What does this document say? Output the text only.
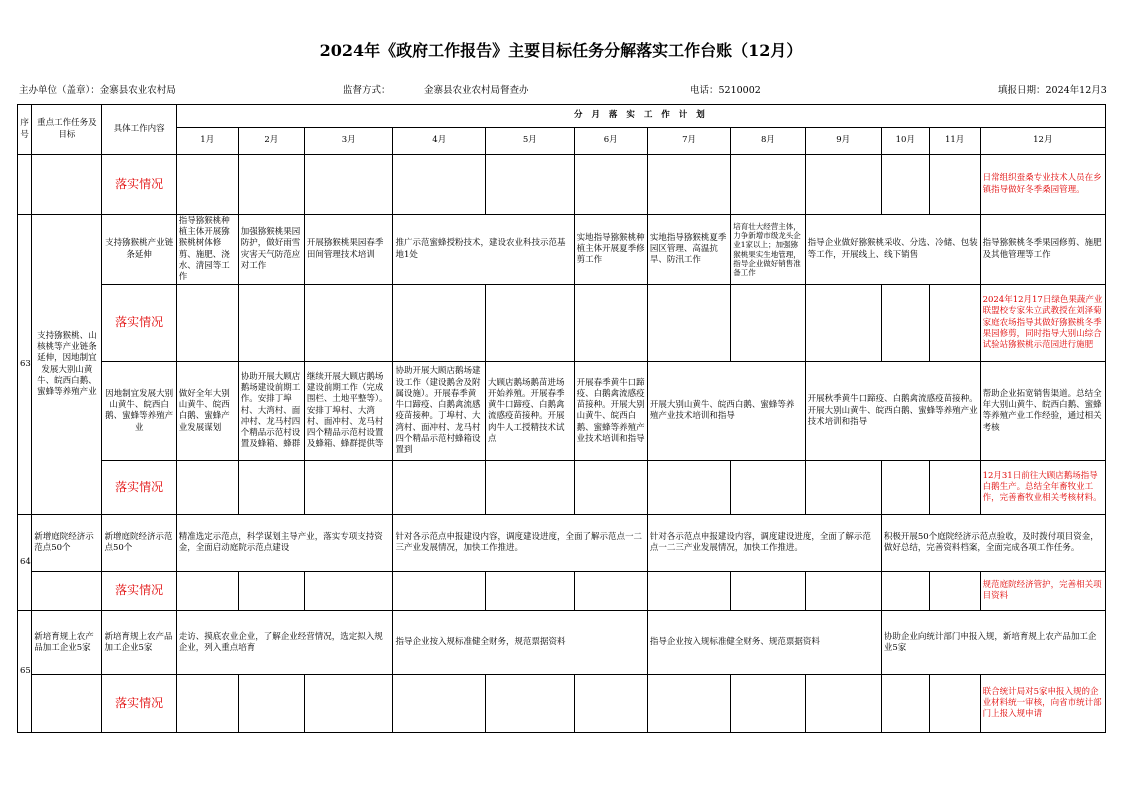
2024年《政府工作报告》主要目标任务分解落实工作台账（12月）
主办单位（盖章）：金寨县农业农村局	监督方式：	金寨县农业农村局督查办	电话：5210002	填报日期：2024年12月3
序号	重点工作任务及目标	具体工作内容	分 月 落 实 工 作 计 划											
			1月	2月	3月	4月	5月	6月	7月	8月	9月	10月	11月	12月
		落实情况												日常组织蚕桑专业技术人员在乡镇指导做好冬季桑园管理。
63	支持猕猴桃、山核桃等产业链条延伸，因地制宜发展大别山黄牛、皖西白鹅、蜜蜂等养殖产业	支持猕猴桃产业链条延伸	指导猕猴桃种植主体开展猕猴桃树体修剪、施肥、浇水、清园等工作	加强猕猴桃果园防护，做好雨雪灾害天气防范应对工作	开展猕猴桃果园春季田间管理技术培训	推广示范蜜蜂授粉技术，建设农业科技示范基地1处		实地指导猕猴桃种植主体开展夏季修剪工作	实地指导猕猴桃夏季园区管理、高温抗旱、防汛工作	培育壮大经营主体，力争新增市级龙头企业1家以上；加强猕猴桃果实生地管理，指导企业做好销售准备工作	指导企业做好猕猴桃采收、分选、冷储、包装等工作，开展线上、线下销售			指导猕猴桃冬季果园修剪、施肥及其他管理等工作
		落实情况												2024年12月17日绿色果蔬产业联盟校专家朱立武教授在刘泽菊家庭农场指导其做好猕猴桃冬季果园修剪，同时指导大别山综合试验站猕猴桃示范园进行施肥
		因地制宜发展大别山黄牛、皖西白鹅、蜜蜂等养殖产业	做好全年大别山黄牛、皖西白鹅、蜜蜂产业发展谋划	协助开展大顾店鹅场建设前期工作。安排丁埠村、大湾村、面冲村、龙马村四个精品示范村设置及蜂箱、蜂群	继续开展大顾店鹅场建设前期工作（完成围栏、土地平整等）。安排丁埠村、大湾村、面冲村、龙马村四个精品示范村设置及蜂箱、蜂群提供等	协助开展大顾店鹅场建设工作（建设鹅舍及附属设施）。开展春季黄牛口蹄疫、白鹅禽流感疫苗接种。丁埠村、大湾村、面冲村、龙马村四个精品示范村蜂箱设置到	大顾店鹅场鹅苗进场开始养殖。开展春季黄牛口蹄疫、白鹅禽流感疫苗接种。开展肉牛人工授精技术试点	开展春季黄牛口蹄疫、白鹅禽流感疫苗接种。开展大别山黄牛、皖西白鹅、蜜蜂等养殖产业技术培训和指导	开展大别山黄牛、皖西白鹅、蜜蜂等养殖产业技术培训和指导		开展秋季黄牛口蹄疫、白鹅禽流感疫苗接种。开展大别山黄牛、皖西白鹅、蜜蜂等养殖产业技术培训和指导			帮助企业拓宽销售渠道。总结全年大别山黄牛、皖西白鹅、蜜蜂等养殖产业工作经验，通过相关考核
		落实情况												12月31日前往大顾店鹅场指导白鹅生产。总结全年畜牧业工作，完善畜牧业相关考核材料。
64	新增庭院经济示范点50个	新增庭院经济示范点50个	精准选定示范点，科学谋划主导产业，落实专项支持资金，全面启动庭院示范点建设			针对各示范点申报建设内容，调度建设进度，全面了解示范点一二三产业发展情况，加快工作推进。			针对各示范点申报建设内容，调度建设进度，全面了解示范点一二三产业发展情况，加快工作推进。			积极开展50个庭院经济示范点验收，及时拨付项目资金，做好总结，完善资料档案，全面完成各项工作任务。		
		落实情况												规范庭院经济管护，完善相关项目资料
65	新培育规上农产品加工企业5家	新培育规上农产品加工企业5家	走访、摸底农业企业，了解企业经营情况，选定拟入规企业，列入重点培育			指导企业按入规标准健全财务，规范票据资料			指导企业按入规标准健全财务、规范票据资料			协助企业向统计部门申报入规，新培育规上农产品加工企业5家		
		落实情况												联合统计局对5家申报入规的企业材料统一审核，向省市统计部门上报入规申请
